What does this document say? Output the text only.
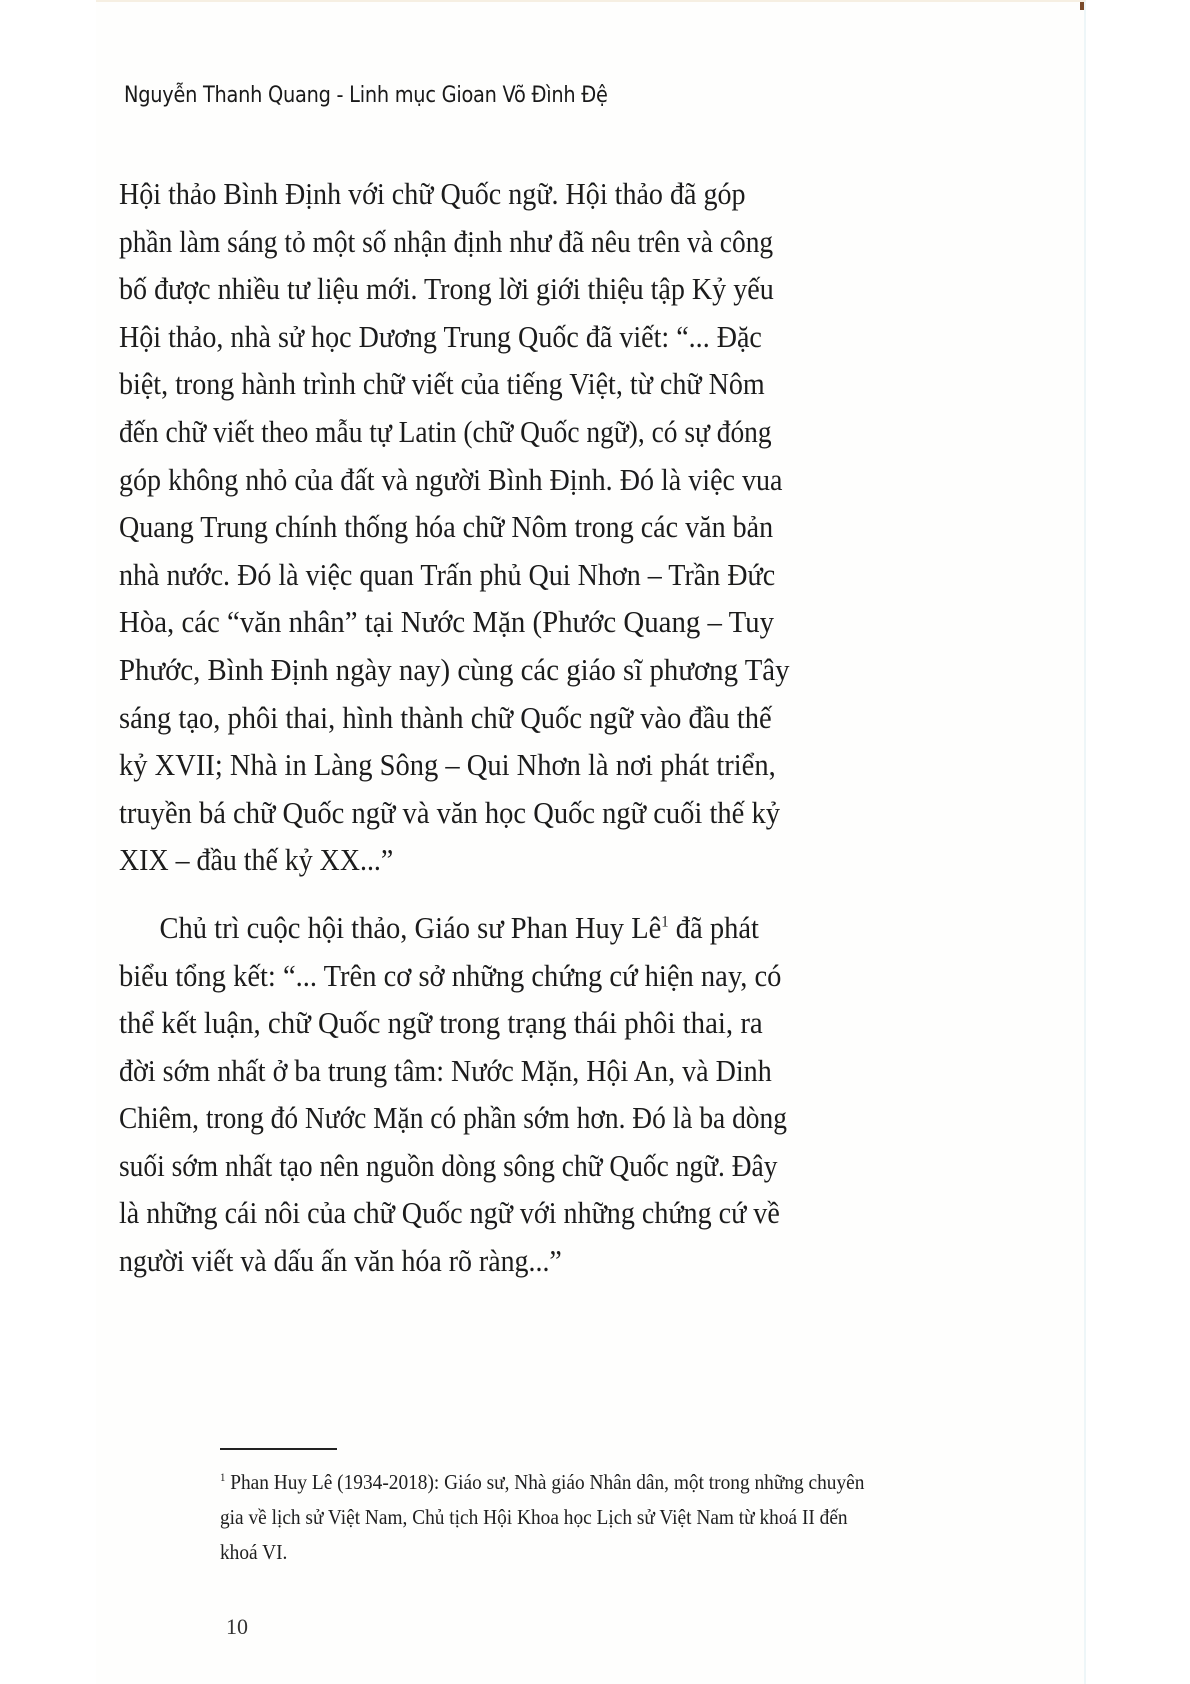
Nguyễn Thanh Quang - Linh mục Gioan Võ Đình Đệ
Hội thảo Bình Định với chữ Quốc ngữ. Hội thảo đã góp
phần làm sáng tỏ một số nhận định như đã nêu trên và công
bố được nhiều tư liệu mới. Trong lời giới thiệu tập Kỷ yếu
Hội thảo, nhà sử học Dương Trung Quốc đã viết: “... Đặc
biệt, trong hành trình chữ viết của tiếng Việt, từ chữ Nôm
đến chữ viết theo mẫu tự Latin (chữ Quốc ngữ), có sự đóng
góp không nhỏ của đất và người Bình Định. Đó là việc vua
Quang Trung chính thống hóa chữ Nôm trong các văn bản
nhà nước. Đó là việc quan Trấn phủ Qui Nhơn – Trần Đức
Hòa, các “văn nhân” tại Nước Mặn (Phước Quang – Tuy
Phước, Bình Định ngày nay) cùng các giáo sĩ phương Tây
sáng tạo, phôi thai, hình thành chữ Quốc ngữ vào đầu thế
kỷ XVII; Nhà in Làng Sông – Qui Nhơn là nơi phát triển,
truyền bá chữ Quốc ngữ và văn học Quốc ngữ cuối thế kỷ
XIX – đầu thế kỷ XX...”
Chủ trì cuộc hội thảo, Giáo sư Phan Huy Lê$^1$ đã phát
biểu tổng kết: “... Trên cơ sở những chứng cứ hiện nay, có
thể kết luận, chữ Quốc ngữ trong trạng thái phôi thai, ra
đời sớm nhất ở ba trung tâm: Nước Mặn, Hội An, và Dinh
Chiêm, trong đó Nước Mặn có phần sớm hơn. Đó là ba dòng
suối sớm nhất tạo nên nguồn dòng sông chữ Quốc ngữ. Đây
là những cái nôi của chữ Quốc ngữ với những chứng cứ về
người viết và dấu ấn văn hóa rõ ràng...”
$^1$ Phan Huy Lê (1934-2018): Giáo sư, Nhà giáo Nhân dân, một trong những chuyên
gia về lịch sử Việt Nam, Chủ tịch Hội Khoa học Lịch sử Việt Nam từ khoá II đến
khoá VI.
10
